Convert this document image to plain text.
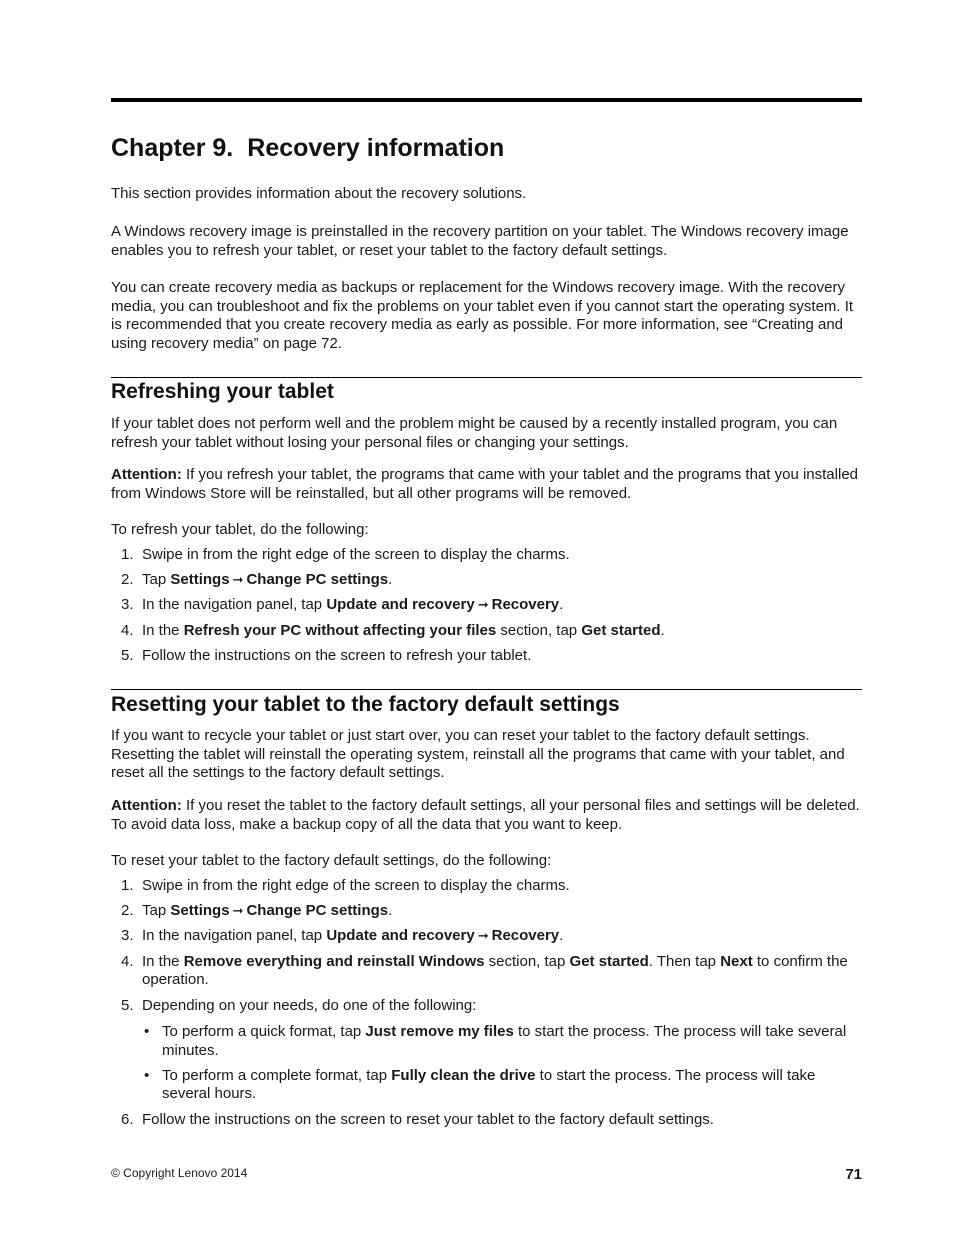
Chapter 9. Recovery information

This section provides information about the recovery solutions.

A Windows recovery image is preinstalled in the recovery partition on your tablet. The Windows recovery image enables you to refresh your tablet, or reset your tablet to the factory default settings.

You can create recovery media as backups or replacement for the Windows recovery image. With the recovery media, you can troubleshoot and fix the problems on your tablet even if you cannot start the operating system. It is recommended that you create recovery media as early as possible. For more information, see “Creating and using recovery media” on page 72.

Refreshing your tablet

If your tablet does not perform well and the problem might be caused by a recently installed program, you can refresh your tablet without losing your personal files or changing your settings.

Attention: If you refresh your tablet, the programs that came with your tablet and the programs that you installed from Windows Store will be reinstalled, but all other programs will be removed.

To refresh your tablet, do the following:

1. Swipe in from the right edge of the screen to display the charms.
2. Tap Settings ➞ Change PC settings.
3. In the navigation panel, tap Update and recovery ➞ Recovery.
4. In the Refresh your PC without affecting your files section, tap Get started.
5. Follow the instructions on the screen to refresh your tablet.
Resetting your tablet to the factory default settings

If you want to recycle your tablet or just start over, you can reset your tablet to the factory default settings. Resetting the tablet will reinstall the operating system, reinstall all the programs that came with your tablet, and reset all the settings to the factory default settings.

Attention: If you reset the tablet to the factory default settings, all your personal files and settings will be deleted. To avoid data loss, make a backup copy of all the data that you want to keep.

To reset your tablet to the factory default settings, do the following:

1. Swipe in from the right edge of the screen to display the charms.
2. Tap Settings ➞ Change PC settings.
3. In the navigation panel, tap Update and recovery ➞ Recovery.
4. In the Remove everything and reinstall Windows section, tap Get started. Then tap Next to confirm the operation.
5. Depending on your needs, do one of the following:
• To perform a quick format, tap Just remove my files to start the process. The process will take several minutes.
• To perform a complete format, tap Fully clean the drive to start the process. The process will take several hours.
6. Follow the instructions on the screen to reset your tablet to the factory default settings.
© Copyright Lenovo 2014	71
